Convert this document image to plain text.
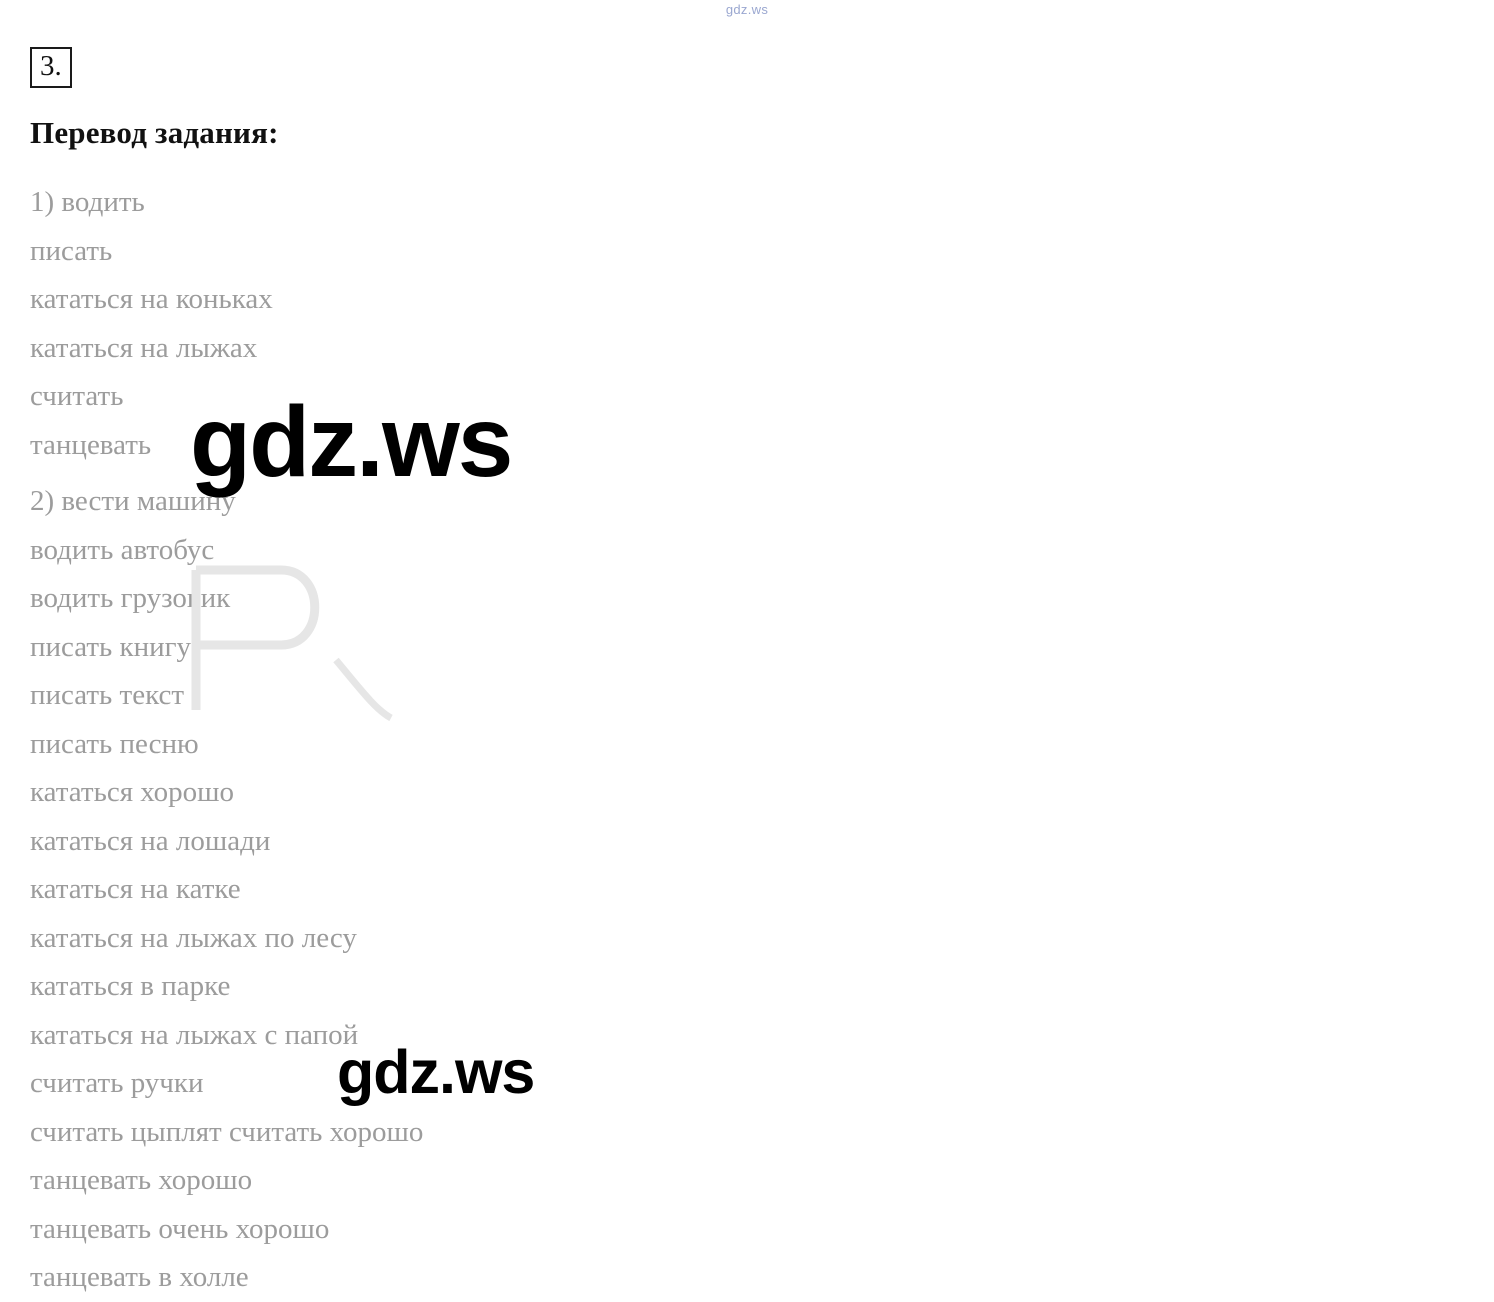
gdz.ws
3.
Перевод задания:
1) водить
писать
кататься на коньках
кататься на лыжах
считать
танцевать
2) вести машину
водить автобус
водить грузовик
писать книгу
писать текст
писать песню
кататься хорошо
кататься на лошади
кататься на катке
кататься на лыжах по лесу
кататься в парке
кататься на лыжах с папой
считать ручки
считать цыплят считать хорошо
танцевать хорошо
танцевать очень хорошо
танцевать в холле
gdz.ws
gdz.ws
